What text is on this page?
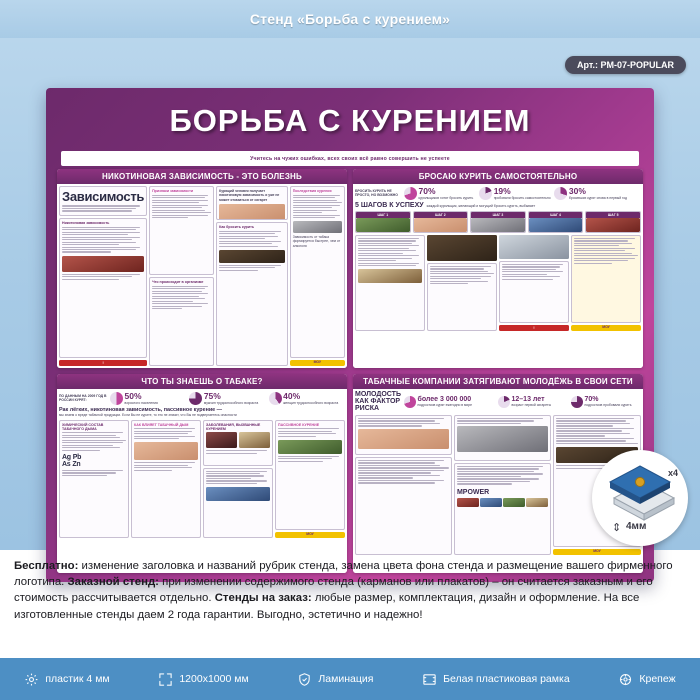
Стенд «Борьба с курением»
Арт.: PM-07-POPULAR
БОРЬБА С КУРЕНИЕМ
Учитесь на чужих ошибках, всех своих всё равно совершить не успеете
НИКОТИНОВАЯ ЗАВИСИМОСТЬ - ЭТО БОЛЕЗНЬ
Зависимость
Никотиновая зависимость
!
Признаки зависимости
Что происходит в организме
Курящий человек получает никотиновую зависимость и уже не может отказаться от сигарет
Как бросить курить
Последствия курения
Зависимость от табака формируется быстрее, чем от алкоголя
МОУ
БРОСАЮ КУРИТЬ САМОСТОЯТЕЛЬНО
БРОСИТЬ КУРИТЬ НЕ ПРОСТО, НО ВОЗМОЖНО	70%
курильщиков хотят бросить курить
19%
пробовали бросить самостоятельно
30%
бросивших курят снова в первый год
5 ШАГОВ К УСПЕХУ каждый курильщик, желающий и могущий бросить курить, выбывает
ШАГ 1	ШАГ 2	ШАГ 3	ШАГ 4	ШАГ 5
!	МОУ
ЧТО ТЫ ЗНАЕШЬ О ТАБАКЕ?
ПО ДАННЫМ НА 2009 ГОД В РОССИИ КУРЯТ:	50%
взрослого населения
75%
мужчин трудоспособного возраста
40%
женщин трудоспособного возраста
Рак лёгких, никотиновая зависимость, пассивное курение —
мы знаем о вреде табачной продукции. Если Вы не курите, то это не значит, что Вы не подвергаетесь опасности
ХИМИЧЕСКИЙ СОСТАВ ТАБАЧНОГО ДЫМА
Ag Pb
As Zn
КАК ВЛИЯЕТ ТАБАЧНЫЙ ДЫМ	ЗАБОЛЕВАНИЯ, ВЫЗВАННЫЕ КУРЕНИЕМ
ПАССИВНОЕ КУРЕНИЕ
МОУ
ТАБАЧНЫЕ КОМПАНИИ ЗАТЯГИВАЮТ МОЛОДЁЖЬ В СВОИ СЕТИ
МОЛОДОСТЬ КАК ФАКТОР РИСКА
более 3 000 000
подростков курят ежегодно в мире
12–13 лет
возраст первой сигареты
70%
подростков пробовали курить
MPOWER
МОУ
x4
⇕ 4мм
Бесплатно: изменение заголовка и названий рубрик стенда, замена цвета фона стенда и размещение вашего фирменного логотипа. Заказной стенд: при изменении содержимого стенда (карманов или плакатов) – он считается заказным и его стоимость рассчитывается отдельно. Стенды на заказ: любые размер, комплектация, дизайн и оформление. На все изготовленные стенды даем 2 года гарантии. Выгодно, эстетично и надежно!
пластик 4 мм	1200x1000 мм	Ламинация	Белая пластиковая рамка	Крепеж
